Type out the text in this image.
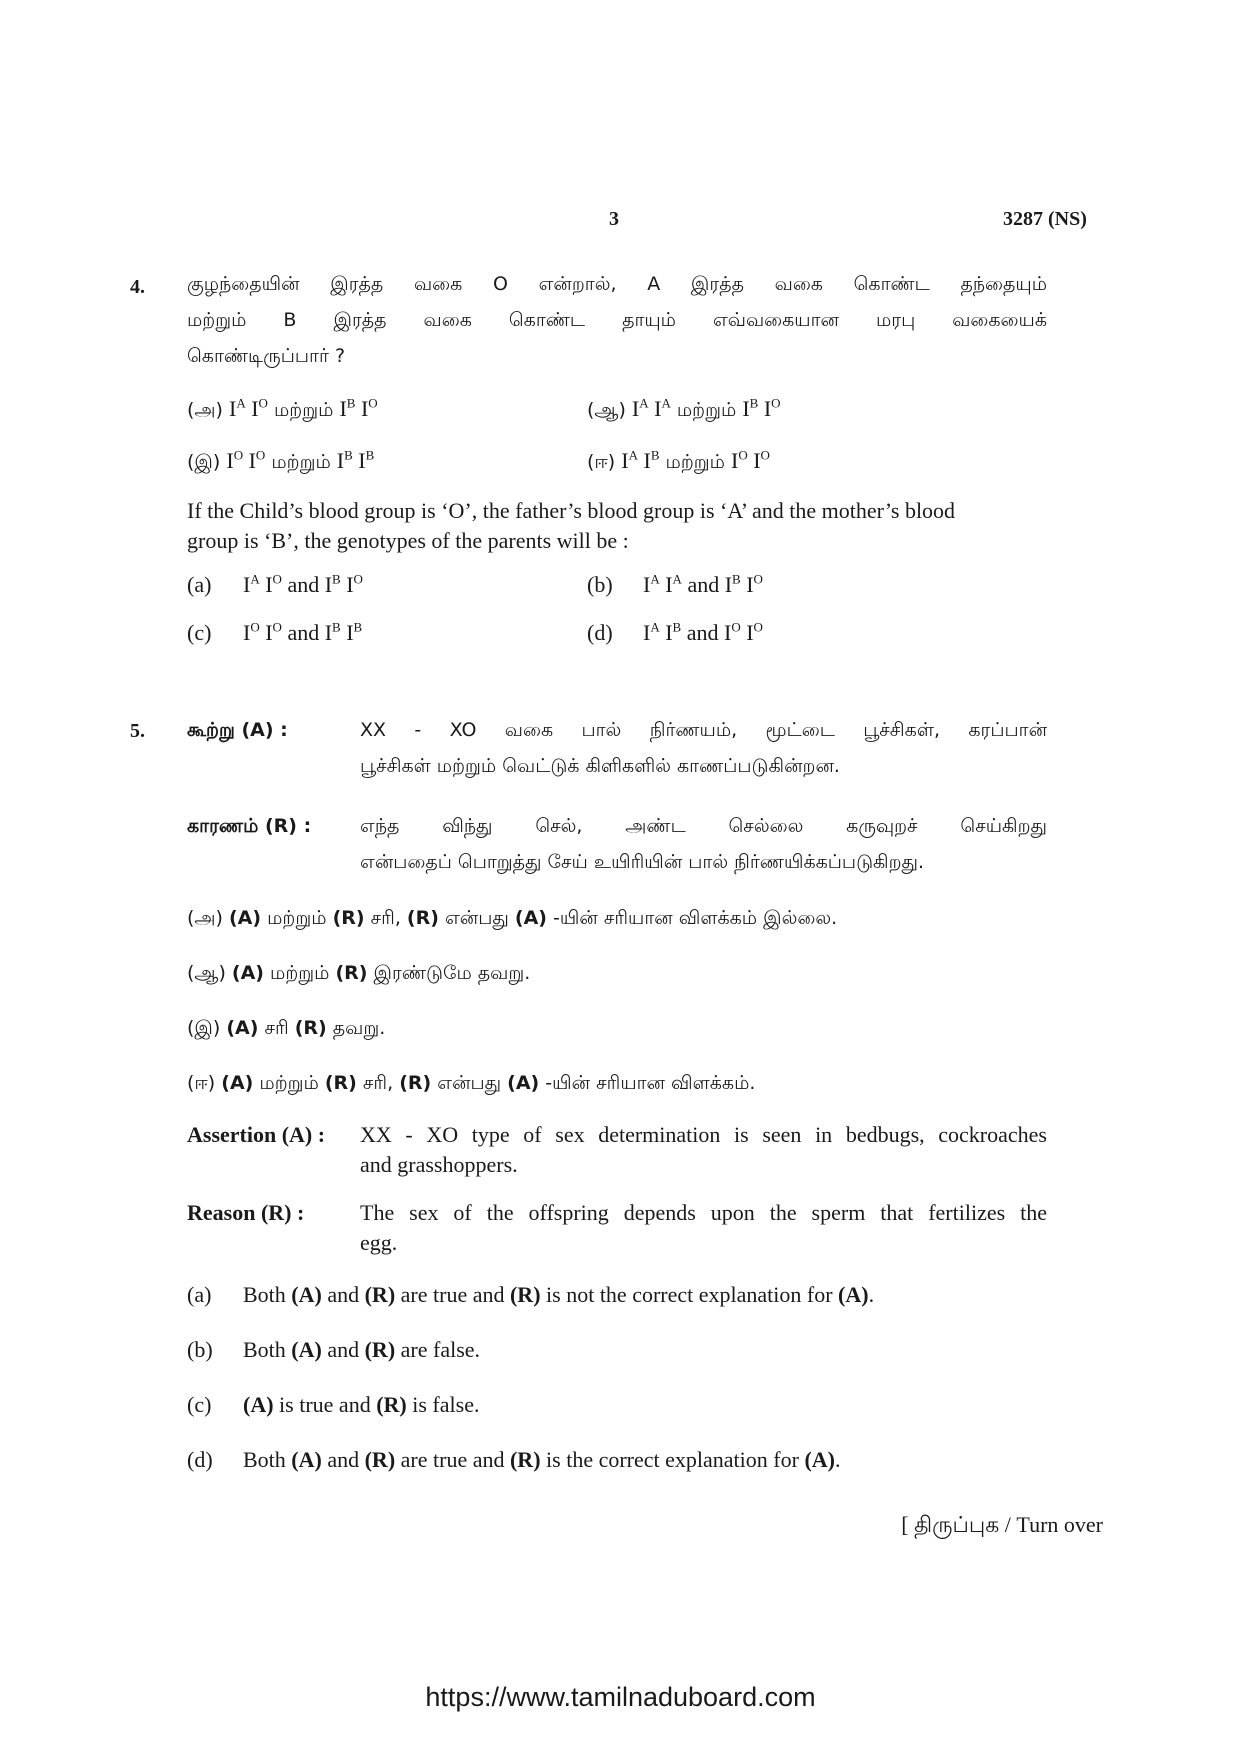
3	3287 (NS)
4. குழந்தையின் இரத்த வகை O என்றால், A இரத்த வகை கொண்ட தந்தையும்
மற்றும் B இரத்த வகை கொண்ட தாயும் எவ்வகையான மரபு வகையைக்
கொண்டிருப்பார் ?
(அ) $I^A$ $I^O$ மற்றும் $I^B$ $I^O$	(ஆ) $I^A$ $I^A$ மற்றும் $I^B$ $I^O$
(இ) $I^O$ $I^O$ மற்றும் $I^B$ $I^B$	(ஈ) $I^A$ $I^B$ மற்றும் $I^O$ $I^O$
If the Child’s blood group is ‘O’, the father’s blood group is ‘A’ and the mother’s blood
group is ‘B’, the genotypes of the parents will be :
(a) $I^A$ $I^O$ and $I^B$ $I^O$	(b) $I^A$ $I^A$ and $I^B$ $I^O$
(c) $I^O$ $I^O$ and $I^B$ $I^B$	(d) $I^A$ $I^B$ and $I^O$ $I^O$
5. கூற்று (A) :	XX - XO வகை பால் நிர்ணயம், மூட்டை பூச்சிகள், கரப்பான்
பூச்சிகள் மற்றும் வெட்டுக் கிளிகளில் காணப்படுகின்றன.
காரணம் (R) :	எந்த விந்து செல், அண்ட செல்லை கருவுறச் செய்கிறது
என்பதைப் பொறுத்து சேய் உயிரியின் பால் நிர்ணயிக்கப்படுகிறது.
(அ) (A) மற்றும் (R) சரி, (R) என்பது (A) -யின் சரியான விளக்கம் இல்லை.
(ஆ) (A) மற்றும் (R) இரண்டுமே தவறு.
(இ) (A) சரி (R) தவறு.
(ஈ) (A) மற்றும் (R) சரி, (R) என்பது (A) -யின் சரியான விளக்கம்.
Assertion (A) : XX - XO type of sex determination is seen in bedbugs, cockroaches
and grasshoppers.
Reason (R) :	The sex of the offspring depends upon the sperm that fertilizes the
egg.
(a) Both (A) and (R) are true and (R) is not the correct explanation for (A).
(b) Both (A) and (R) are false.
(c) (A) is true and (R) is false.
(d) Both (A) and (R) are true and (R) is the correct explanation for (A).
[ திருப்புக / Turn over
https://www.tamilnaduboard.com
